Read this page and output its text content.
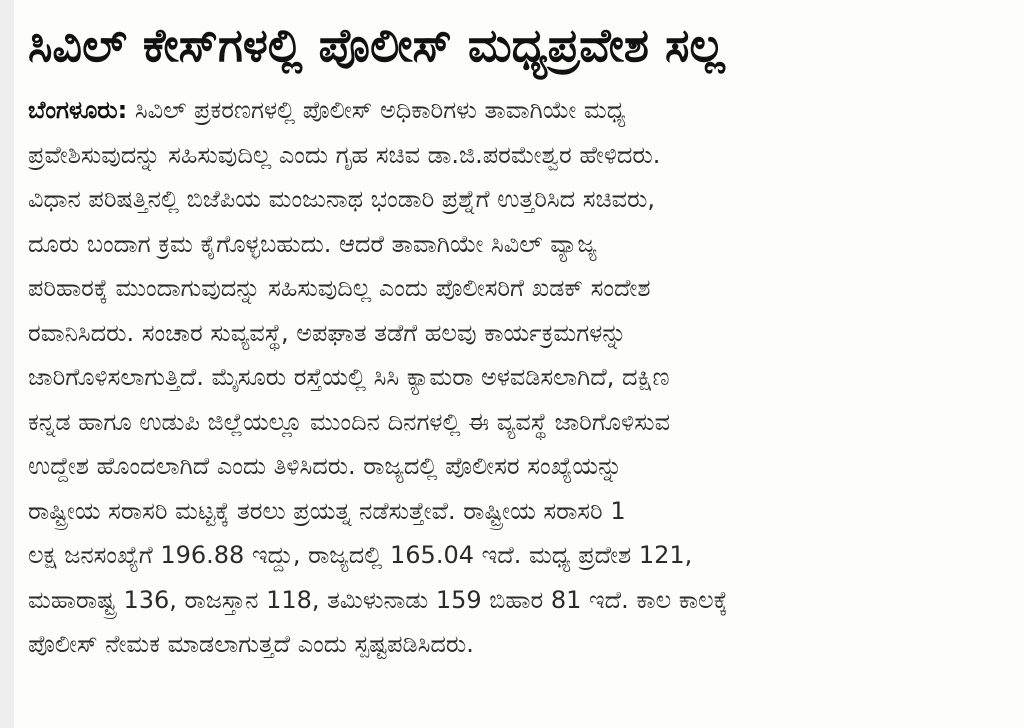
ಸಿವಿಲ್ ಕೇಸ್‌ಗಳಲ್ಲಿ ಪೊಲೀಸ್ ಮಧ್ಯಪ್ರವೇಶ ಸಲ್ಲ
ಬೆಂಗಳೂರು: ಸಿವಿಲ್ ಪ್ರಕರಣಗಳಲ್ಲಿ ಪೊಲೀಸ್ ಅಧಿಕಾರಿಗಳು ತಾವಾಗಿಯೇ ಮಧ್ಯ
ಪ್ರವೇಶಿಸುವುದನ್ನು ಸಹಿಸುವುದಿಲ್ಲ ಎಂದು ಗೃಹ ಸಚಿವ ಡಾ.ಜಿ.ಪರಮೇಶ್ವರ ಹೇಳಿದರು.
ವಿಧಾನ ಪರಿಷತ್ತಿನಲ್ಲಿ ಬಿಜೆಪಿಯ ಮಂಜುನಾಥ ಭಂಡಾರಿ ಪ್ರಶ್ನೆಗೆ ಉತ್ತರಿಸಿದ ಸಚಿವರು,
ದೂರು ಬಂದಾಗ ಕ್ರಮ ಕೈಗೊಳ್ಳಬಹುದು. ಆದರೆ ತಾವಾಗಿಯೇ ಸಿವಿಲ್ ವ್ಯಾಜ್ಯ
ಪರಿಹಾರಕ್ಕೆ ಮುಂದಾಗುವುದನ್ನು ಸಹಿಸುವುದಿಲ್ಲ ಎಂದು ಪೊಲೀಸರಿಗೆ ಖಡಕ್ ಸಂದೇಶ
ರವಾನಿಸಿದರು. ಸಂಚಾರ ಸುವ್ಯವಸ್ಥೆ, ಅಪಘಾತ ತಡೆಗೆ ಹಲವು ಕಾರ್ಯಕ್ರಮಗಳನ್ನು
ಜಾರಿಗೊಳಿಸಲಾಗುತ್ತಿದೆ. ಮೈಸೂರು ರಸ್ತೆಯಲ್ಲಿ ಸಿಸಿ ಕ್ಯಾಮರಾ ಅಳವಡಿಸಲಾಗಿದೆ, ದಕ್ಷಿಣ
ಕನ್ನಡ ಹಾಗೂ ಉಡುಪಿ ಜಿಲ್ಲೆಯಲ್ಲೂ ಮುಂದಿನ ದಿನಗಳಲ್ಲಿ ಈ ವ್ಯವಸ್ಥೆ ಜಾರಿಗೊಳಿಸುವ
ಉದ್ದೇಶ ಹೊಂದಲಾಗಿದೆ ಎಂದು ತಿಳಿಸಿದರು. ರಾಜ್ಯದಲ್ಲಿ ಪೊಲೀಸರ ಸಂಖ್ಯೆಯನ್ನು
ರಾಷ್ಟ್ರೀಯ ಸರಾಸರಿ ಮಟ್ಟಕ್ಕೆ ತರಲು ಪ್ರಯತ್ನ ನಡೆಸುತ್ತೇವೆ. ರಾಷ್ಟ್ರೀಯ ಸರಾಸರಿ 1
ಲಕ್ಷ ಜನಸಂಖ್ಯೆಗೆ 196.88 ಇದ್ದು, ರಾಜ್ಯದಲ್ಲಿ 165.04 ಇದೆ. ಮಧ್ಯ ಪ್ರದೇಶ 121,
ಮಹಾರಾಷ್ಟ್ರ 136, ರಾಜಸ್ತಾನ 118, ತಮಿಳುನಾಡು 159 ಬಿಹಾರ 81 ಇದೆ. ಕಾಲ ಕಾಲಕ್ಕೆ
ಪೊಲೀಸ್ ನೇಮಕ ಮಾಡಲಾಗುತ್ತದೆ ಎಂದು ಸ್ಪಷ್ಟಪಡಿಸಿದರು.
